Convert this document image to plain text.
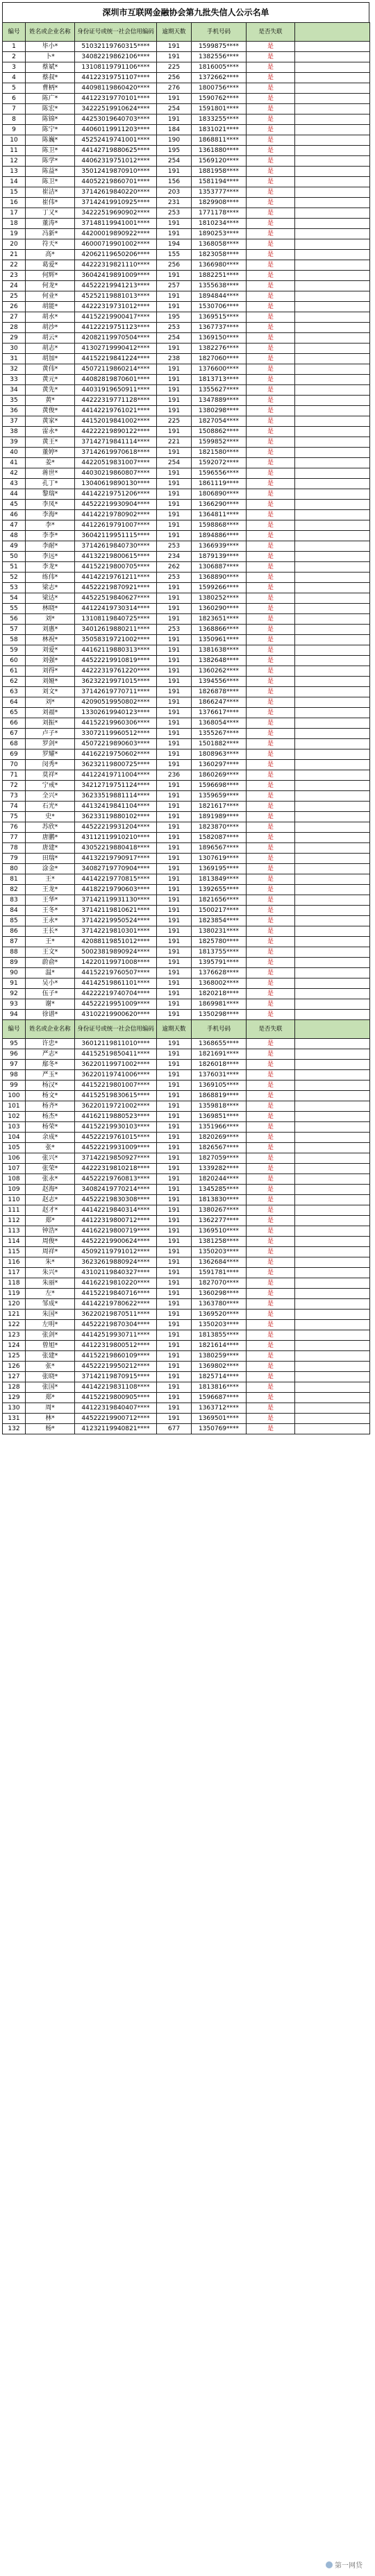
深圳市互联网金融协会第九批失信人公示名单
编号	姓名或企业名称	身份证号或统一社会信用编码	逾期天数	手机号码	是否失联	
1	毕小*	51032119760315****	191	1599875****	是	
2	卜*	34082219862106****	191	1382556****	是	
3	蔡斌*	13108119791106****	225	1816005****	是	
4	蔡叔*	44122319751107****	256	1372662****	是	
5	曹柄*	44098119860420****	276	1800756****	是	
6	陈广*	44122319770101****	191	1590762****	是	
7	陈宏*	34222519910624****	254	1591801****	是	
8	陈锦*	44253019640703****	191	1833255****	是	
9	陈宁*	44060119911203****	184	1831021****	是	
10	陈巍*	45252419741001****	190	1868811****	是	
11	陈卫*	44142719880625****	195	1361880****	是	
12	陈学*	44062319751012****	254	1569120****	是	
13	陈益*	35012419870910****	191	1881958****	是	
14	陈卫*	44052219860701****	156	1581194****	是	
15	崔洁*	37142619840220****	203	1353777****	是	
16	崔伟*	37142419910925****	231	1829908****	是	
17	丁又*	34222519690902****	253	1771178****	是	
18	董涛*	37148119941001****	191	1810234****	是	
19	冯新*	44200019890922****	191	1890253****	是	
20	符天*	46000719901002****	194	1368058****	是	
21	高*	42062119650206****	155	1823058****	是	
22	葛爱*	44222319821110****	256	1366980****	是	
23	何辉*	36042419891009****	191	1882251****	是	
24	何龙*	44522219941213****	257	1355638****	是	
25	何业*	45252119881013****	191	1894844****	是	
26	胡能*	44222319731012****	191	1530706****	是	
27	胡水*	44152219900417****	195	1369515****	是	
28	胡沙*	44122219751123****	253	1367737****	是	
29	胡云*	42082119970504****	254	1369150****	是	
30	胡志*	41302719990412****	191	1382276****	是	
31	胡加*	44152219841224****	238	1827060****	是	
32	黄伟*	45072119860214****	191	1376600****	是	
33	黄元*	44082819870601****	191	1813713****	是	
34	黄先*	44031919650911****	191	1355627****	是	
35	黄*	44222319771128****	191	1347889****	是	
36	黄俊*	44142219761021****	191	1380298****	是	
37	黄家*	44152019841002****	225	1827054****	是	
38	雷永*	44222219890122****	191	1508862****	是	
39	黄王*	37142719841114****	221	1599852****	是	
40	董婷*	37142619970618****	191	1821580****	是	
41	姜*	44220519831007****	254	1592072****	是	
42	蒋世*	44030219860807****	191	1596556****	是	
43	孔丁*	13040619890130****	191	1861119****	是	
44	黎瑞*	44142219751206****	191	1806890****	是	
45	李凤*	44522219930904****	191	1366290****	是	
46	李海*	44142219780902****	191	1364811****	是	
47	李*	44122619791007****	191	1598868****	是	
48	李李*	36042119951115****	191	1894886****	是	
49	李耐*	37142619840730****	253	1366939****	是	
50	李远*	44132219800615****	234	1879139****	是	
51	李龙*	44152219800705****	262	1306887****	是	
52	练伟*	44142219761211****	253	1368890****	是	
53	梁志*	44522219870921****	191	1599266****	是	
54	梁达*	44522519840627****	191	1380252****	是	
55	林晓*	44122419730314****	191	1360290****	是	
56	刘*	13108119840725****	191	1823651****	是	
57	刘惠*	34012619880211****	253	1368866****	是	
58	林祝*	35058319721002****	191	1350961****	是	
59	刘爱*	44162119880313****	191	1381638****	是	
60	刘强*	44522219910819****	191	1382648****	是	
61	刘得*	44222319761220****	191	1360262****	是	
62	刘娅*	36232219971015****	191	1394556****	是	
63	刘文*	37142619770711****	191	1826878****	是	
64	刘*	42090519950802****	191	1866247****	是	
65	刘福*	13302619940123****	191	1376617****	是	
66	刘振*	44152219960306****	191	1368054****	是	
67	卢子*	33072119960512****	191	1355267****	是	
68	罗剑*	45072219890603****	191	1501882****	是	
69	罗耀*	44162219750602****	191	1808963****	是	
70	闵秀*	36232119800725****	191	1360297****	是	
71	莫祥*	44122419711004****	236	1860269****	是	
72	宁戒*	34212719751124****	191	1596698****	是	
73	全兴*	36233519881114****	191	1359659****	是	
74	石光*	44132419841104****	191	1821617****	是	
75	史*	36233119880102****	191	1891989****	是	
76	苏欣*	44522219931204****	191	1823870****	是	
77	唐鹏*	43112119910210****	191	1582087****	是	
78	唐建*	43052219880418****	191	1896567****	是	
79	田瑞*	44132219790917****	191	1307619****	是	
80	涂金*	34082719770904****	191	1369195****	是	
81	王*	44142219770815****	191	1813849****	是	
82	王龙*	44182219790603****	191	1392655****	是	
83	王华*	37142119931130****	191	1821656****	是	
84	王冬*	37142119810621****	191	1500217****	是	
85	王永*	37142219950524****	191	1823854****	是	
86	王长*	37142219810301****	191	1380231****	是	
87	王*	42088119851012****	191	1825780****	是	
88	王文*	50023819890924****	191	1813755****	是	
89	蔚俞*	14220119971008****	191	1395791****	是	
90	温*	44152219760507****	191	1376628****	是	
91	吴小*	44142519861101****	191	1368002****	是	
92	伍子*	44222219740704****	191	1820218****	是	
93	谢*	44522219951009****	191	1869981****	是	
94	徐谱*	43102219900620****	191	1350298****	是	
编号	姓名或企业名称	身份证号或统一社会信用编码	逾期天数	手机号码	是否失联	
95	许忠*	36012119811010****	191	1368655****	是	
96	严志*	44152519850411****	191	1821691****	是	
97	鄢冬*	36220119971002****	191	1826018****	是	
98	严玉*	36220119741006****	191	1376031****	是	
99	杨汉*	44152219801007****	191	1369105****	是	
100	杨文*	44152519830615****	191	1868819****	是	
101	杨齐*	36220119721002****	191	1359818****	是	
102	杨杰*	44162119880523****	191	1369851****	是	
103	杨荣*	44152219930103****	191	1351966****	是	
104	余成*	44522219761015****	191	1820269****	是	
105	张*	44522219931009****	191	1826567****	是	
106	张兴*	37142219850927****	191	1827059****	是	
107	张荣*	44222319810218****	191	1339282****	是	
108	张永*	44522219760813****	191	1820244****	是	
109	赵海*	34082419770214****	191	1345285****	是	
110	赵志*	44522219830308****	191	1813830****	是	
111	赵才*	44142219840314****	191	1380267****	是	
112	郑*	44122319800712****	191	1362277****	是	
113	钟浩*	44162219800719****	191	1369510****	是	
114	周俊*	44522219900624****	191	1381258****	是	
115	周祥*	45092119791012****	191	1350203****	是	
116	朱*	36232619880924****	191	1362684****	是	
117	朱兴*	43102119840327****	191	1591781****	是	
118	朱丽*	44162219810220****	191	1827070****	是	
119	左*	44152219840716****	191	1360298****	是	
120	邹成*	44142219780622****	191	1363780****	是	
121	朱国*	36220219870511****	191	1369520****	是	
122	左明*	44522219870304****	191	1350203****	是	
123	张剑*	44142519930711****	191	1813855****	是	
124	曾旭*	44122319800512****	191	1821614****	是	
125	张建*	44152219860109****	191	1380259****	是	
126	张*	44522219950212****	191	1369802****	是	
127	张晓*	37142119870915****	191	1825714****	是	
128	张国*	44142219831108****	191	1813816****	是	
129	郑*	44152219800905****	191	1596687****	是	
130	周*	44122319840407****	191	1363712****	是	
131	林*	44522219900712****	191	1369501****	是	
132	杨*	41232119940821****	677	1350769****	是	
第一网贷
